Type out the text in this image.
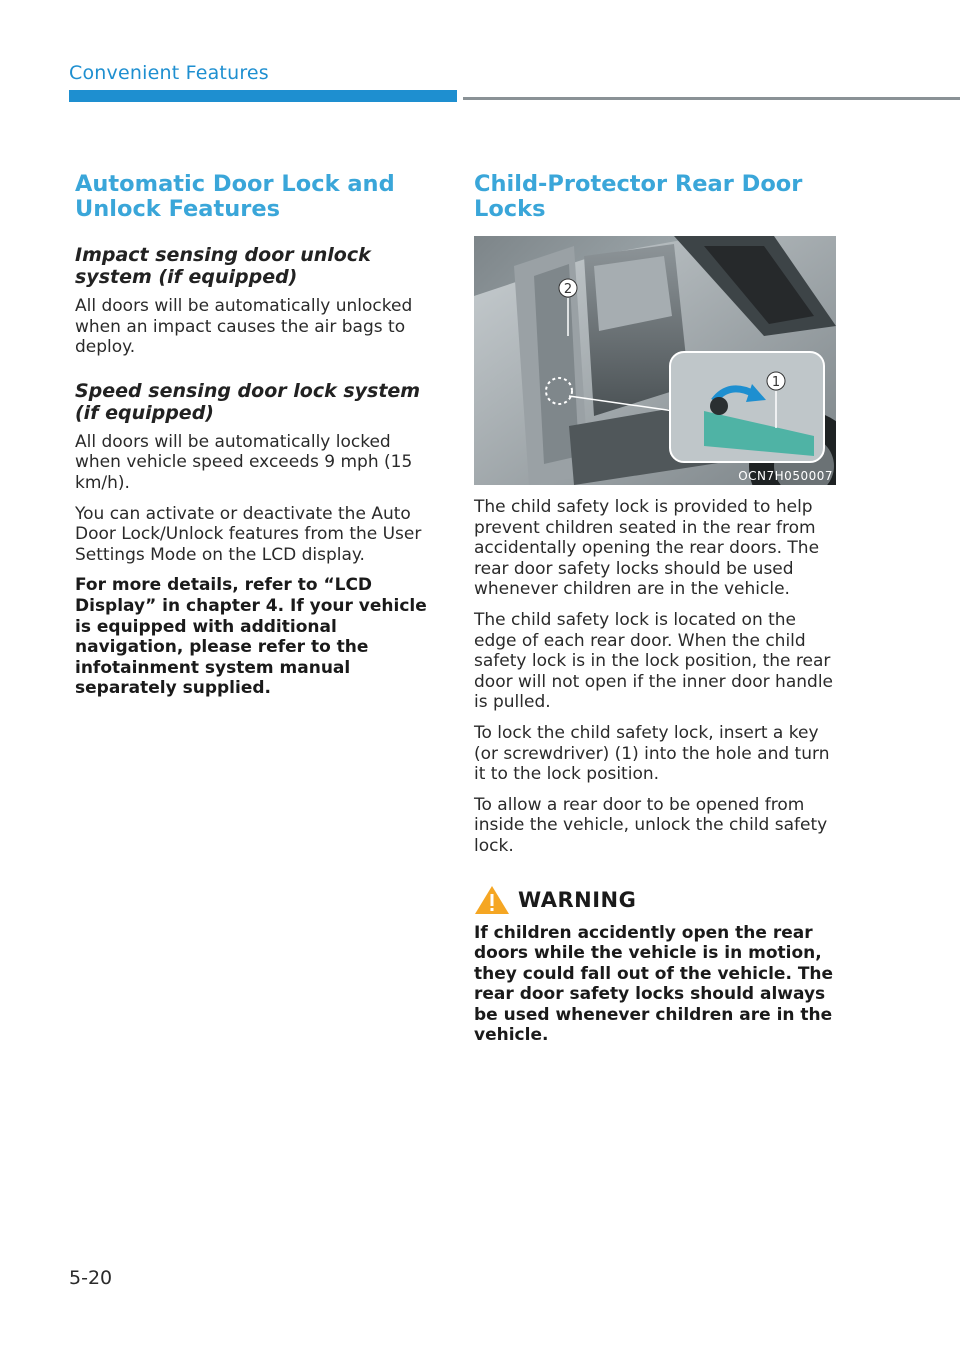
Convenient Features
Automatic Door Lock and Unlock Features
Impact sensing door unlock system (if equipped)

All doors will be automatically unlocked when an impact causes the air bags to deploy.

Speed sensing door lock system (if equipped)

All doors will be automatically locked when vehicle speed exceeds 9 mph (15 km/h).

You can activate or deactivate the Auto Door Lock/Unlock features from the User Settings Mode on the LCD display.

For more details, refer to “LCD Display” in chapter 4. If your vehicle is equipped with additional navigation, please refer to the infotainment system manual separately supplied.

Child-Protector Rear Door Locks
2
1
OCN7H050007

The child safety lock is provided to help prevent children seated in the rear from accidentally opening the rear doors. The rear door safety locks should be used whenever children are in the vehicle.

The child safety lock is located on the edge of each rear door. When the child safety lock is in the lock position, the rear door will not open if the inner door handle is pulled.

To lock the child safety lock, insert a key (or screwdriver) (1) into the hole and turn it to the lock position.

To allow a rear door to be opened from inside the vehicle, unlock the child safety lock.

WARNING

If children accidently open the rear doors while the vehicle is in motion, they could fall out of the vehicle. The rear door safety locks should always be used whenever children are in the vehicle.

5-20
